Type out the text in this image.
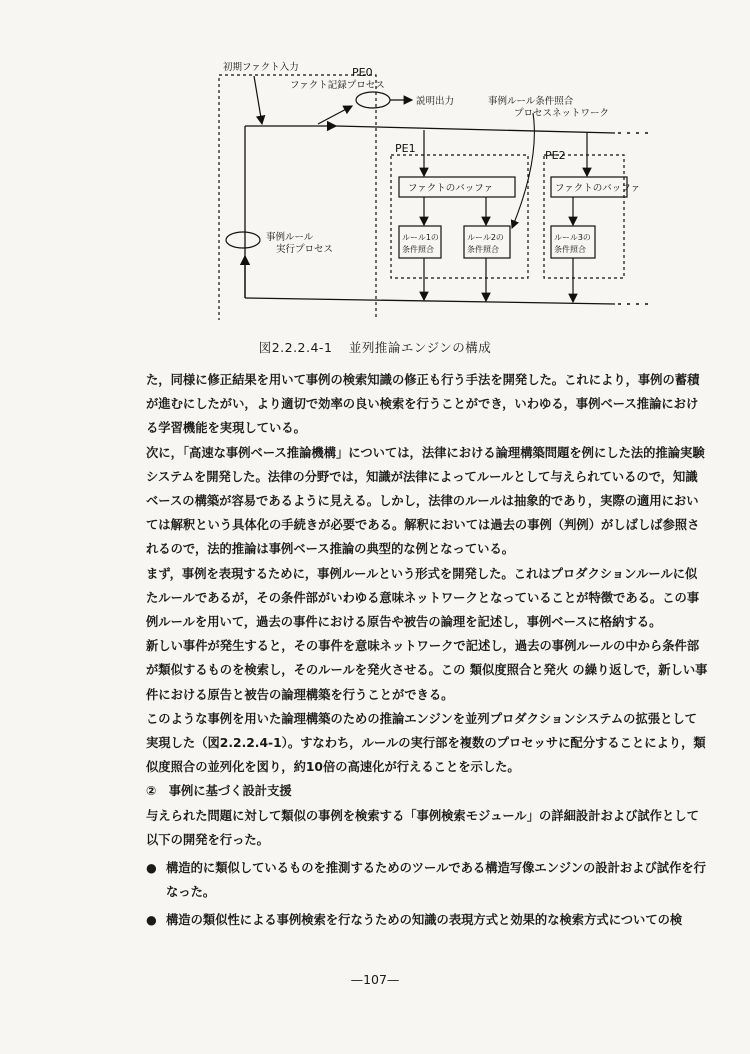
初期ファクト入力	PE0
ファクト記録プロセス
説明出力	事例ルール条件照合
プロセスネットワーク
PE1
PE2
ファクトのバッファ	ファクトのバッファ
事例ルール
実行プロセス
ルール1の
条件照合
ルール2の
条件照合
ルール3の
条件照合
図2.2.2.4-1 並列推論エンジンの構成

た，同様に修正結果を用いて事例の検索知識の修正も行う手法を開発した。これにより，事例の蓄積が進むにしたがい，より適切で効率の良い検索を行うことができ，いわゆる，事例ベース推論における学習機能を実現している。

次に，「高速な事例ベース推論機構」については，法律における論理構築問題を例にした法的推論実験システムを開発した。法律の分野では，知識が法律によってルールとして与えられているので，知識ベースの構築が容易であるように見える。しかし，法律のルールは抽象的であり，実際の適用においては解釈という具体化の手続きが必要である。解釈においては過去の事例（判例）がしばしば参照されるので，法的推論は事例ベース推論の典型的な例となっている。

まず，事例を表現するために，事例ルールという形式を開発した。これはプロダクションルールに似たルールであるが，その条件部がいわゆる意味ネットワークとなっていることが特徴である。この事例ルールを用いて，過去の事件における原告や被告の論理を記述し，事例ベースに格納する。

新しい事件が発生すると，その事件を意味ネットワークで記述し，過去の事例ルールの中から条件部が類似するものを検索し，そのルールを発火させる。この 類似度照合と発火 の繰り返しで，新しい事件における原告と被告の論理構築を行うことができる。

このような事例を用いた論理構築のための推論エンジンを並列プロダクションシステムの拡張として実現した（図2.2.2.4-1）。すなわち，ルールの実行部を複数のプロセッサに配分することにより，類似度照合の並列化を図り，約10倍の高速化が行えることを示した。

②　事例に基づく設計支援

与えられた問題に対して類似の事例を検索する「事例検索モジュール」の詳細設計および試作として以下の開発を行った。

● 構造的に類似しているものを推測するためのツールである構造写像エンジンの設計および試作を行なった。
● 構造の類似性による事例検索を行なうための知識の表現方式と効果的な検索方式についての検
—107—
